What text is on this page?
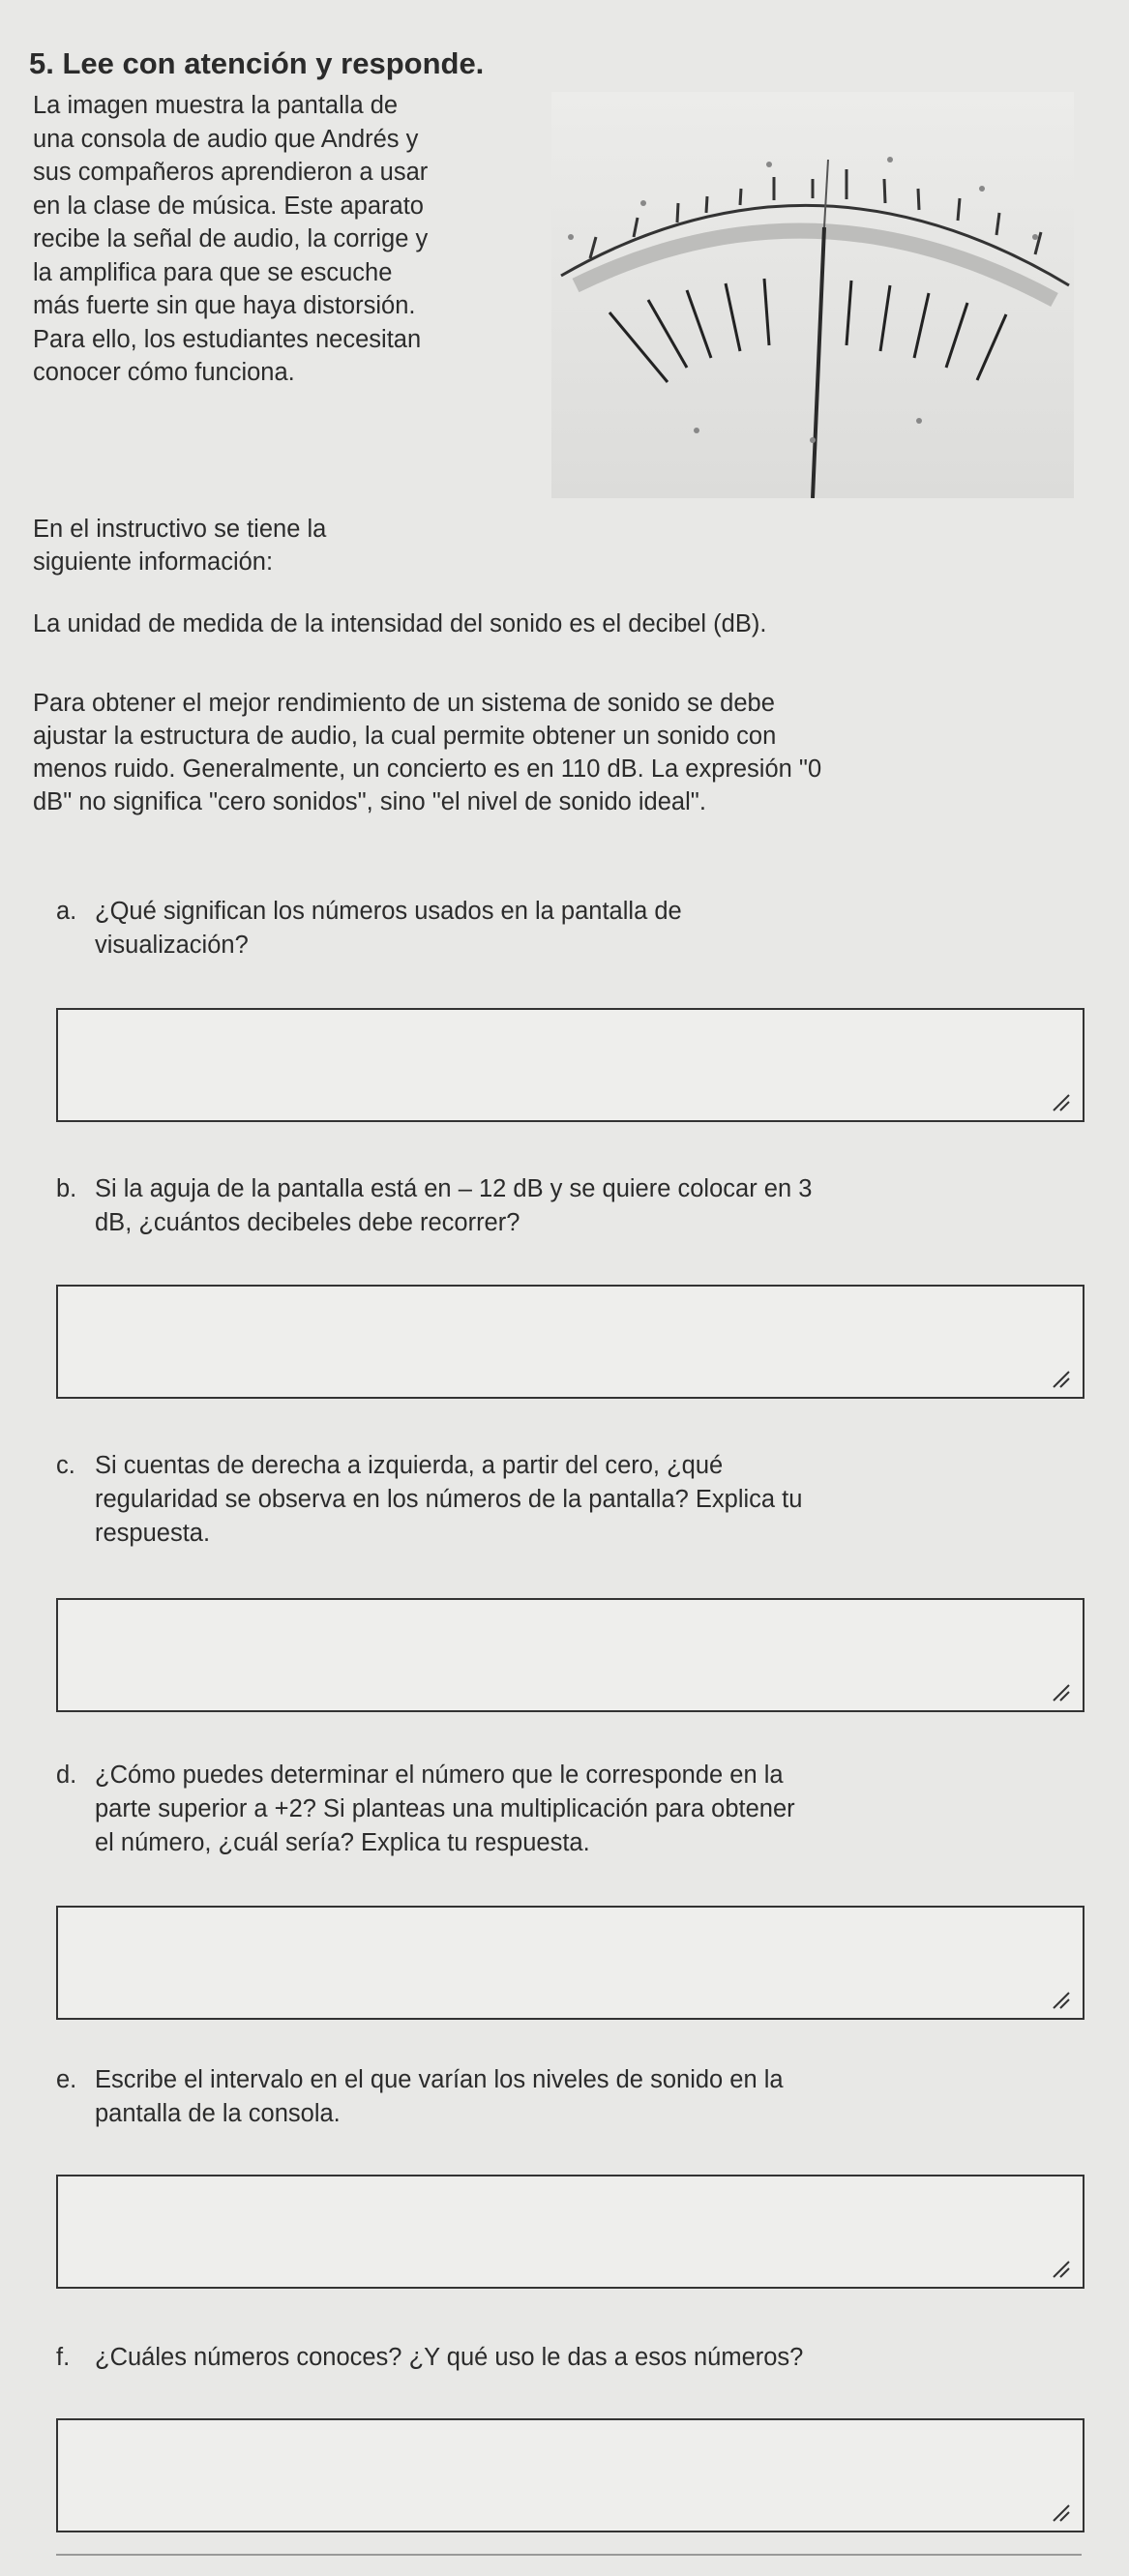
5. Lee con atención y responde.

La imagen muestra la pantalla de

una consola de audio que Andrés y

sus compañeros aprendieron a usar

en la clase de música. Este aparato

recibe la señal de audio, la corrige y

la amplifica para que se escuche

más fuerte sin que haya distorsión.

Para ello, los estudiantes necesitan

conocer cómo funciona.

En el instructivo se tiene la

siguiente información:

La unidad de medida de la intensidad del sonido es el decibel (dB).

Para obtener el mejor rendimiento de un sistema de sonido se debe

ajustar la estructura de audio, la cual permite obtener un sonido con

menos ruido. Generalmente, un concierto es en 110 dB. La expresión "0

dB" no significa "cero sonidos", sino "el nivel de sonido ideal".

a. ¿Qué significan los números usados en la pantalla de
visualización?
b. Si la aguja de la pantalla está en – 12 dB y se quiere colocar en 3
dB, ¿cuántos decibeles debe recorrer?
c. Si cuentas de derecha a izquierda, a partir del cero, ¿qué
regularidad se observa en los números de la pantalla? Explica tu
respuesta.
d. ¿Cómo puedes determinar el número que le corresponde en la
parte superior a +2? Si planteas una multiplicación para obtener
el número, ¿cuál sería? Explica tu respuesta.
e. Escribe el intervalo en el que varían los niveles de sonido en la
pantalla de la consola.
f. ¿Cuáles números conoces? ¿Y qué uso le das a esos números?
